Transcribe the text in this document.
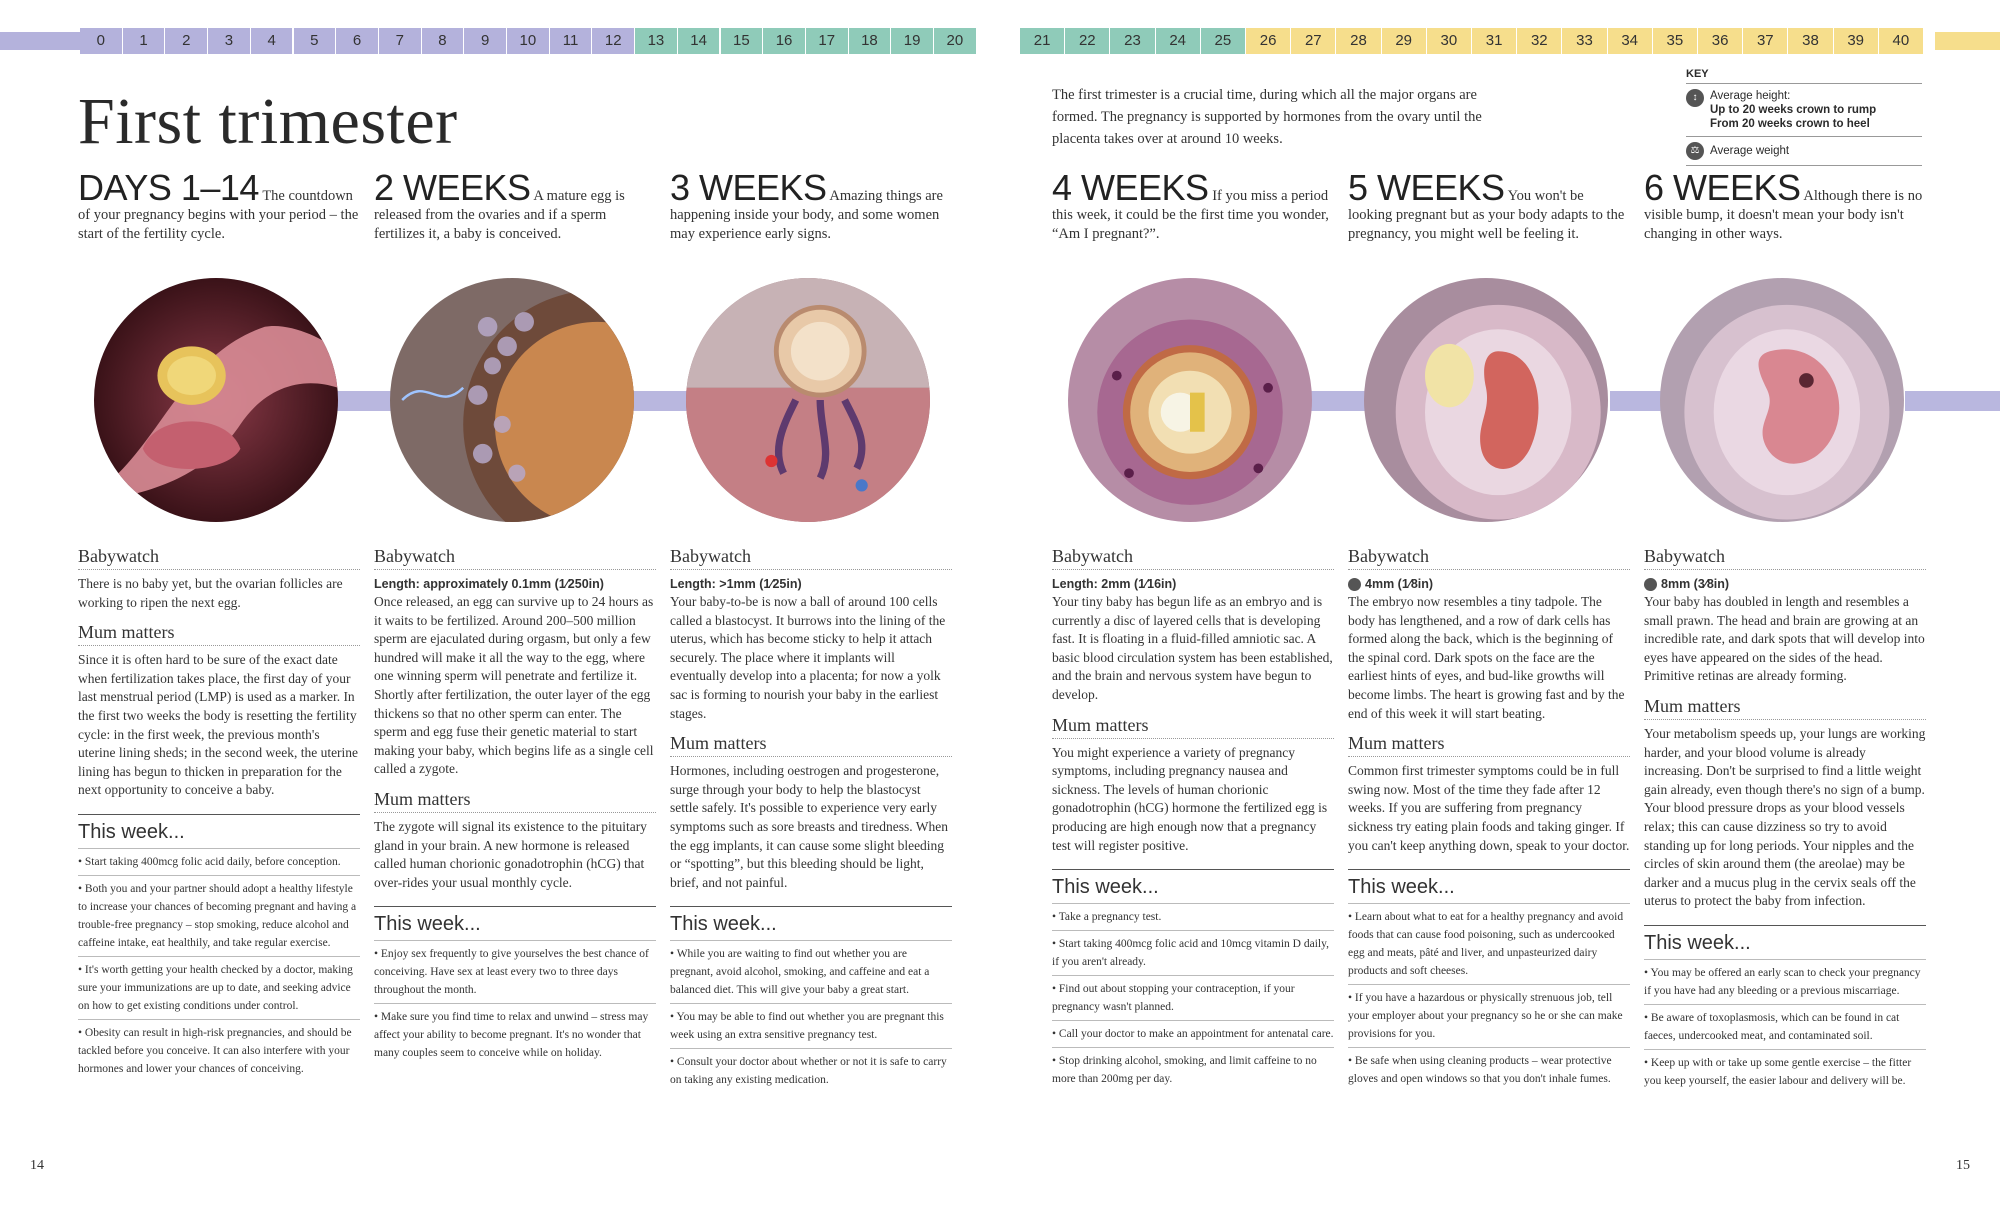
0	1	2	3	4	5	6	7	8	9	10	11	12	13	14	15	16	17	18	19	20	21	22	23	24	25	26	27	28	29	30	31	32	33	34	35	36	37	38	39	40
First trimester	The first trimester is a crucial time, during which all the major organs are formed. The pregnancy is supported by hormones from the ovary until the placenta takes over at around 10 weeks.
KEY
↕	Average height:
Up to 20 weeks crown to rump
From 20 weeks crown to heel
⚖ Average weight
DAYS 1–14 The countdown of your pregnancy begins with your period – the start of the fertility cycle.
Babywatch

There is no baby yet, but the ovarian follicles are working to ripen the next egg.

Mum matters

Since it is often hard to be sure of the exact date when fertilization takes place, the first day of your last menstrual period (LMP) is used as a marker. In the first two weeks the body is resetting the fertility cycle: in the first week, the previous month's uterine lining sheds; in the second week, the uterine lining has begun to thicken in preparation for the next opportunity to conceive a baby.

This week...
• Start taking 400mcg folic acid daily, before conception.
• Both you and your partner should adopt a healthy lifestyle to increase your chances of becoming pregnant and having a trouble-free pregnancy – stop smoking, reduce alcohol and caffeine intake, eat healthily, and take regular exercise.
• It's worth getting your health checked by a doctor, making sure your immunizations are up to date, and seeking advice on how to get existing conditions under control.
• Obesity can result in high-risk pregnancies, and should be tackled before you conceive. It can also interfere with your hormones and lower your chances of conceiving.
2 WEEKS A mature egg is released from the ovaries and if a sperm fertilizes it, a baby is conceived.
Babywatch
Length: approximately 0.1mm (1⁄250in)

Once released, an egg can survive up to 24 hours as it waits to be fertilized. Around 200–500 million sperm are ejaculated during orgasm, but only a few hundred will make it all the way to the egg, where one winning sperm will penetrate and fertilize it. Shortly after fertilization, the outer layer of the egg thickens so that no other sperm can enter. The sperm and egg fuse their genetic material to start making your baby, which begins life as a single cell called a zygote.

Mum matters

The zygote will signal its existence to the pituitary gland in your brain. A new hormone is released called human chorionic gonadotrophin (hCG) that over-rides your usual monthly cycle.

This week...
• Enjoy sex frequently to give yourselves the best chance of conceiving. Have sex at least every two to three days throughout the month.
• Make sure you find time to relax and unwind – stress may affect your ability to become pregnant. It's no wonder that many couples seem to conceive while on holiday.
3 WEEKS Amazing things are happening inside your body, and some women may experience early signs.
Babywatch
Length: >1mm (1⁄25in)

Your baby-to-be is now a ball of around 100 cells called a blastocyst. It burrows into the lining of the uterus, which has become sticky to help it attach securely. The place where it implants will eventually develop into a placenta; for now a yolk sac is forming to nourish your baby in the earliest stages.

Mum matters

Hormones, including oestrogen and progesterone, surge through your body to help the blastocyst settle safely. It's possible to experience very early symptoms such as sore breasts and tiredness. When the egg implants, it can cause some slight bleeding or “spotting”, but this bleeding should be light, brief, and not painful.

This week...
• While you are waiting to find out whether you are pregnant, avoid alcohol, smoking, and caffeine and eat a balanced diet. This will give your baby a great start.
• You may be able to find out whether you are pregnant this week using an extra sensitive pregnancy test.
• Consult your doctor about whether or not it is safe to carry on taking any existing medication.
4 WEEKS If you miss a period this week, it could be the first time you wonder, “Am I pregnant?”.
Babywatch
Length: 2mm (1⁄16in)

Your tiny baby has begun life as an embryo and is currently a disc of layered cells that is developing fast. It is floating in a fluid-filled amniotic sac. A basic blood circulation system has been established, and the brain and nervous system have begun to develop.

Mum matters

You might experience a variety of pregnancy symptoms, including pregnancy nausea and sickness. The levels of human chorionic gonadotrophin (hCG) hormone the fertilized egg is producing are high enough now that a pregnancy test will register positive.

This week...
• Take a pregnancy test.
• Start taking 400mcg folic acid and 10mcg vitamin D daily, if you aren't already.
• Find out about stopping your contraception, if your pregnancy wasn't planned.
• Call your doctor to make an appointment for antenatal care.
• Stop drinking alcohol, smoking, and limit caffeine to no more than 200mg per day.
5 WEEKS You won't be looking pregnant but as your body adapts to the pregnancy, you might well be feeling it.
Babywatch
4mm (1⁄8in)

The embryo now resembles a tiny tadpole. The body has lengthened, and a row of dark cells has formed along the back, which is the beginning of the spinal cord. Dark spots on the face are the earliest hints of eyes, and bud-like growths will become limbs. The heart is growing fast and by the end of this week it will start beating.

Mum matters

Common first trimester symptoms could be in full swing now. Most of the time they fade after 12 weeks. If you are suffering from pregnancy sickness try eating plain foods and taking ginger. If you can't keep anything down, speak to your doctor.

This week...
• Learn about what to eat for a healthy pregnancy and avoid foods that can cause food poisoning, such as undercooked egg and meats, pâté and liver, and unpasteurized dairy products and soft cheeses.
• If you have a hazardous or physically strenuous job, tell your employer about your pregnancy so he or she can make provisions for you.
• Be safe when using cleaning products – wear protective gloves and open windows so that you don't inhale fumes.
6 WEEKS Although there is no visible bump, it doesn't mean your body isn't changing in other ways.
Babywatch
8mm (3⁄8in)

Your baby has doubled in length and resembles a small prawn. The head and brain are growing at an incredible rate, and dark spots that will develop into eyes have appeared on the sides of the head. Primitive retinas are already forming.

Mum matters

Your metabolism speeds up, your lungs are working harder, and your blood volume is already increasing. Don't be surprised to find a little weight gain already, even though there's no sign of a bump. Your blood pressure drops as your blood vessels relax; this can cause dizziness so try to avoid standing up for long periods. Your nipples and the circles of skin around them (the areolae) may be darker and a mucus plug in the cervix seals off the uterus to protect the baby from infection.

This week...
• You may be offered an early scan to check your pregnancy if you have had any bleeding or a previous miscarriage.
• Be aware of toxoplasmosis, which can be found in cat faeces, undercooked meat, and contaminated soil.
• Keep up with or take up some gentle exercise – the fitter you keep yourself, the easier labour and delivery will be.
14	15
